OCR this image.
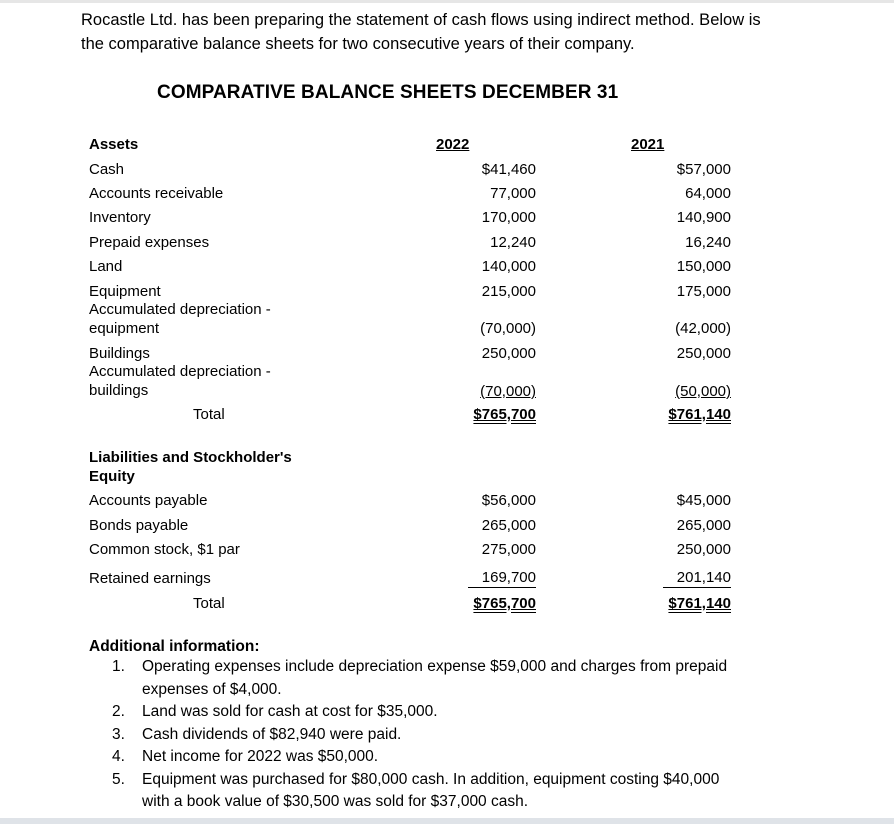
Rocastle Ltd. has been preparing the statement of cash flows using indirect method. Below is
the comparative balance sheets for two consecutive years of their company.
COMPARATIVE BALANCE SHEETS DECEMBER 31
2022	2021
Assets
Cash	$41,460	$57,000
Accounts receivable	77,000	64,000
Inventory	170,000	140,900
Prepaid expenses	12,240	16,240
Land	140,000	150,000
Equipment	215,000	175,000
Accumulated depreciation -
equipment	(70,000)	(42,000)
Buildings	250,000	250,000
Accumulated depreciation -
buildings	(70,000)	(50,000)
Total	$765,700	$761,140
Liabilities and Stockholder's
Equity
Accounts payable	$56,000	$45,000
Bonds payable	265,000	265,000
Common stock, $1 par	275,000	250,000
Retained earnings	169,700	201,140
Total	$765,700	$761,140
Additional information:
1. Operating expenses include depreciation expense $59,000 and charges from prepaid
expenses of $4,000.
2. Land was sold for cash at cost for $35,000.
3. Cash dividends of $82,940 were paid.
4. Net income for 2022 was $50,000.
5. Equipment was purchased for $80,000 cash. In addition, equipment costing $40,000
with a book value of $30,500 was sold for $37,000 cash.
